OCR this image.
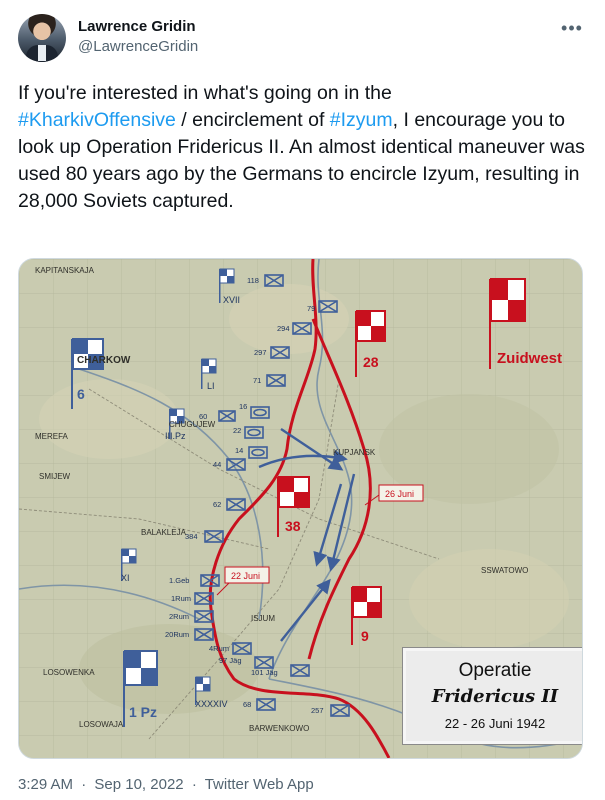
Lawrence Gridin
@LawrenceGridin
•••
If you're interested in what's going on in the
#KharkivOffensive / encirclement of #Izyum, I encourage you to look up Operation Fridericus II. An almost identical maneuver was used 80 years ago by the Germans to encircle Izyum, resulting in 28,000 Soviets captured.
28
38
9
Zuidwest
6
1 Pz
XVII
LI
III.Pz
XI
XXXXIV
118
79
294
297
71
16
60
22
14
44
62
384
1.Geb
1Rum
2Rum
20Rum
4Rum
97 Jäg
101 Jäg
68
257
CHARKOW
CHUGUJEW
BALAKLEJA
ISJUM
LOSOWAJA	BARWENKOWO
KUPJANSK
SSWATOWO
MEREFA
SMIJEW
LOSOWENKA
KAPITANSKAJA
26 Juni
22 Juni
Operatie
Fridericus II
22 - 26 Juni 1942
3:29 AM · Sep 10, 2022 · Twitter Web App
